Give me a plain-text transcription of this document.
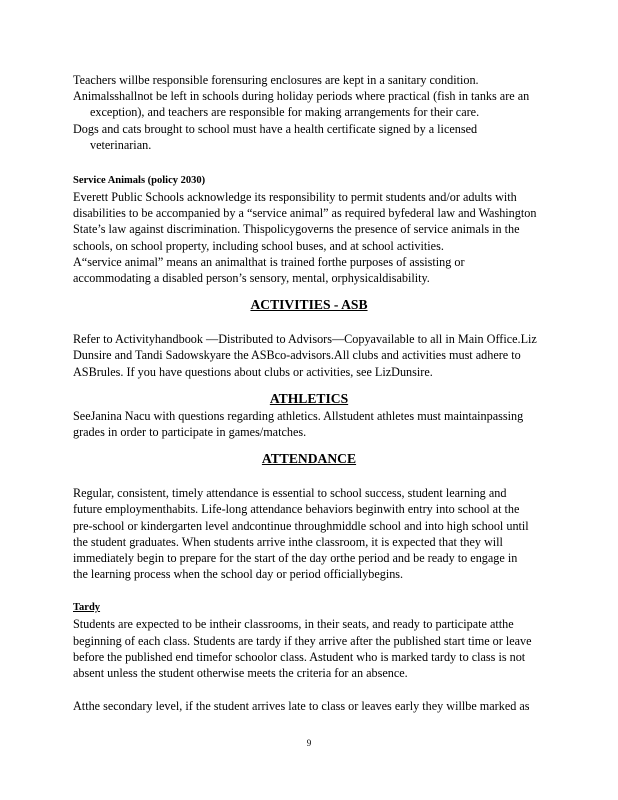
Teachers willbe responsible forensuring enclosures are kept in a sanitary condition.
Animalsshallnot be left in schools during holiday periods where practical (fish in tanks are an
exception), and teachers are responsible for making arrangements for their care.
Dogs and cats brought to school must have a health certificate signed by a licensed
veterinarian.
Service Animals (policy 2030)
Everett Public Schools acknowledge its responsibility to permit students and/or adults with
disabilities to be accompanied by a “service animal” as required byfederal law and Washington
State’s law against discrimination. Thispolicygoverns the presence of service animals in the
schools, on school property, including school buses, and at school activities.
A“service animal” means an animalthat is trained forthe purposes of assisting or
accommodating a disabled person’s sensory, mental, orphysicaldisability.
ACTIVITIES - ASB
Refer to Activityhandbook —Distributed to Advisors—Copyavailable to all in Main Office.Liz
Dunsire and Tandi Sadowskyare the ASBco-advisors.All clubs and activities must adhere to
ASBrules. If you have questions about clubs or activities, see LizDunsire.
ATHLETICS
SeeJanina Nacu with questions regarding athletics. Allstudent athletes must maintainpassing
grades in order to participate in games/matches.
ATTENDANCE
Regular, consistent, timely attendance is essential to school success, student learning and
future employmenthabits. Life-long attendance behaviors beginwith entry into school at the
pre-school or kindergarten level andcontinue throughmiddle school and into high school until
the student graduates. When students arrive inthe classroom, it is expected that they will
immediately begin to prepare for the start of the day orthe period and be ready to engage in
the learning process when the school day or period officiallybegins.
Tardy
Students are expected to be intheir classrooms, in their seats, and ready to participate atthe
beginning of each class. Students are tardy if they arrive after the published start time or leave
before the published end timefor schoolor class. Astudent who is marked tardy to class is not
absent unless the student otherwise meets the criteria for an absence.
Atthe secondary level, if the student arrives late to class or leaves early they willbe marked as
9
